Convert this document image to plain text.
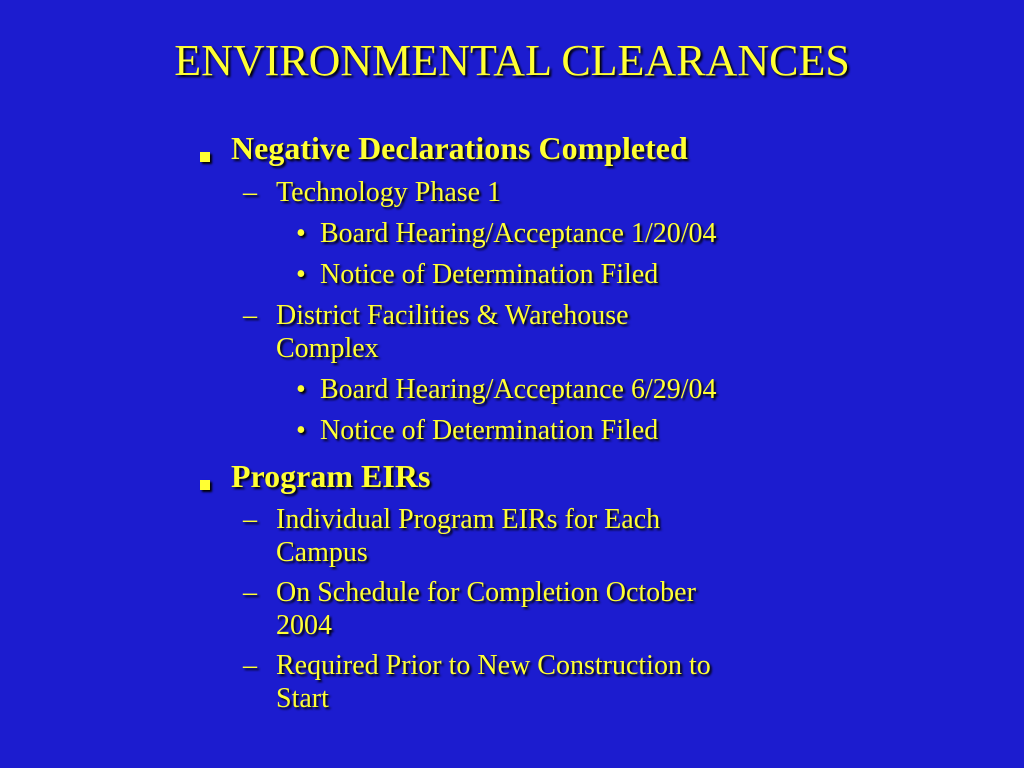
ENVIRONMENTAL CLEARANCES
Negative Declarations Completed
– Technology Phase 1
• Board Hearing/Acceptance 1/20/04
• Notice of Determination Filed
– District Facilities & Warehouse
Complex
• Board Hearing/Acceptance 6/29/04
• Notice of Determination Filed
Program EIRs
– Individual Program EIRs for Each
Campus
– On Schedule for Completion October
2004
– Required Prior to New Construction to
Start
